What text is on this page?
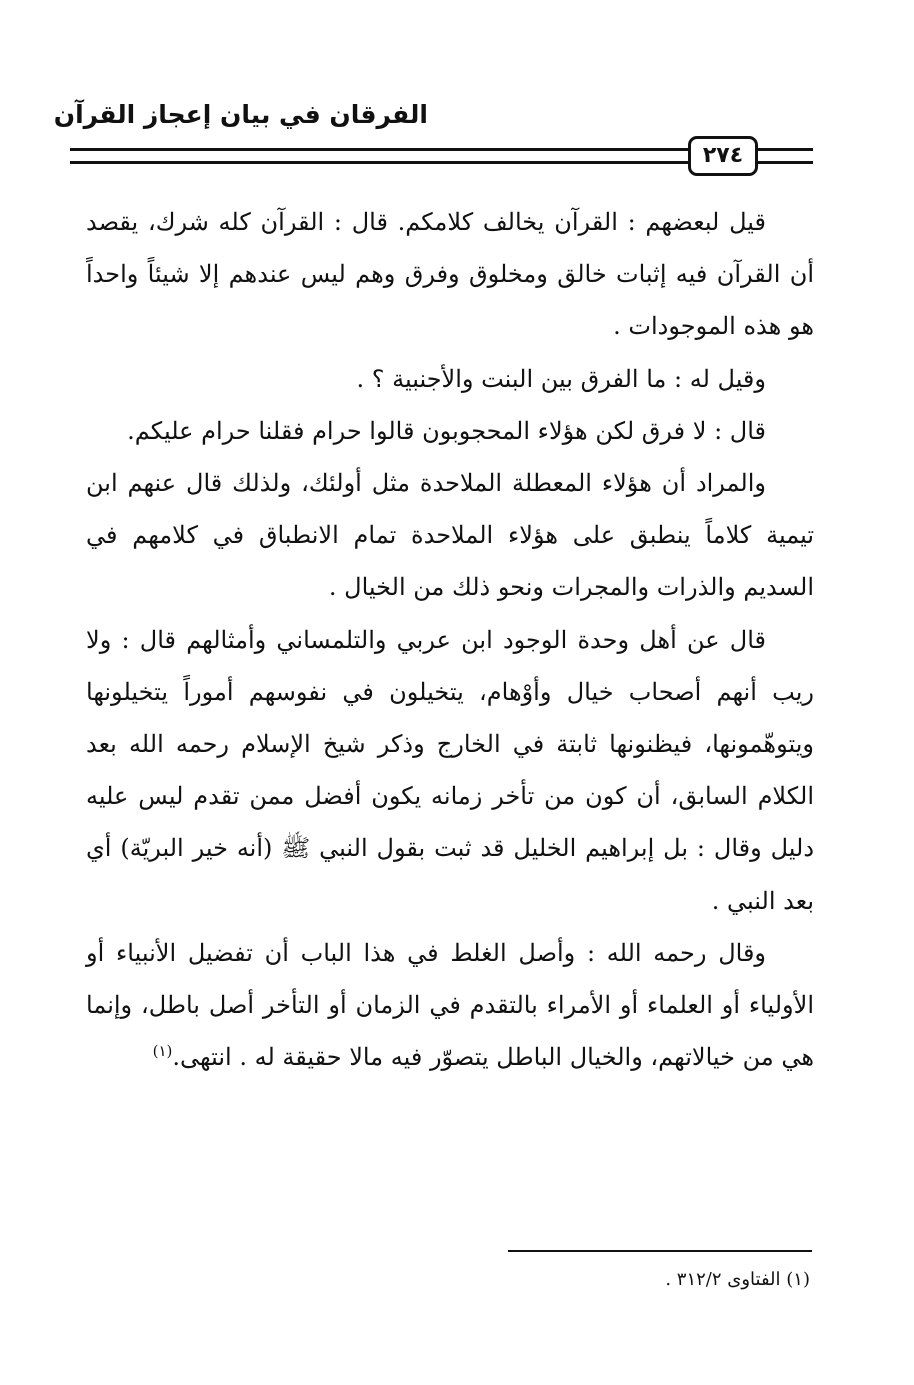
الفرقان في بيان إعجاز القرآن
٢٧٤

قيل لبعضهم : القرآن يخالف كلامكم. قال : القرآن كله شرك، يقصد أن القرآن فيه إثبات خالق ومخلوق وفرق وهم ليس عندهم إلا شيئاً واحداً هو هذه الموجودات .

وقيل له : ما الفرق بين البنت والأجنبية ؟ .

قال : لا فرق لكن هؤلاء المحجوبون قالوا حرام فقلنا حرام عليكم.

والمراد أن هؤلاء المعطلة الملاحدة مثل أولئك، ولذلك قال عنهم ابن تيمية كلاماً ينطبق على هؤلاء الملاحدة تمام الانطباق في كلامهم في السديم والذرات والمجرات ونحو ذلك من الخيال .

قال عن أهل وحدة الوجود ابن عربي والتلمساني وأمثالهم قال : ولا ريب أنهم أصحاب خيال وأوْهام، يتخيلون في نفوسهم أموراً يتخيلونها ويتوهّمونها، فيظنونها ثابتة في الخارج وذكر شيخ الإسلام رحمه الله بعد الكلام السابق، أن كون من تأخر زمانه يكون أفضل ممن تقدم ليس عليه دليل وقال : بل إبراهيم الخليل قد ثبت بقول النبي ﷺ (أنه خير البريّة) أي بعد النبي .

وقال رحمه الله : وأصل الغلط في هذا الباب أن تفضيل الأنبياء أو الأولياء أو العلماء أو الأمراء بالتقدم في الزمان أو التأخر أصل باطل، وإنما هي من خيالاتهم، والخيال الباطل يتصوّر فيه مالا حقيقة له . انتهى.$^{(١)}$

(١) الفتاوى ٣١٢/٢ .
